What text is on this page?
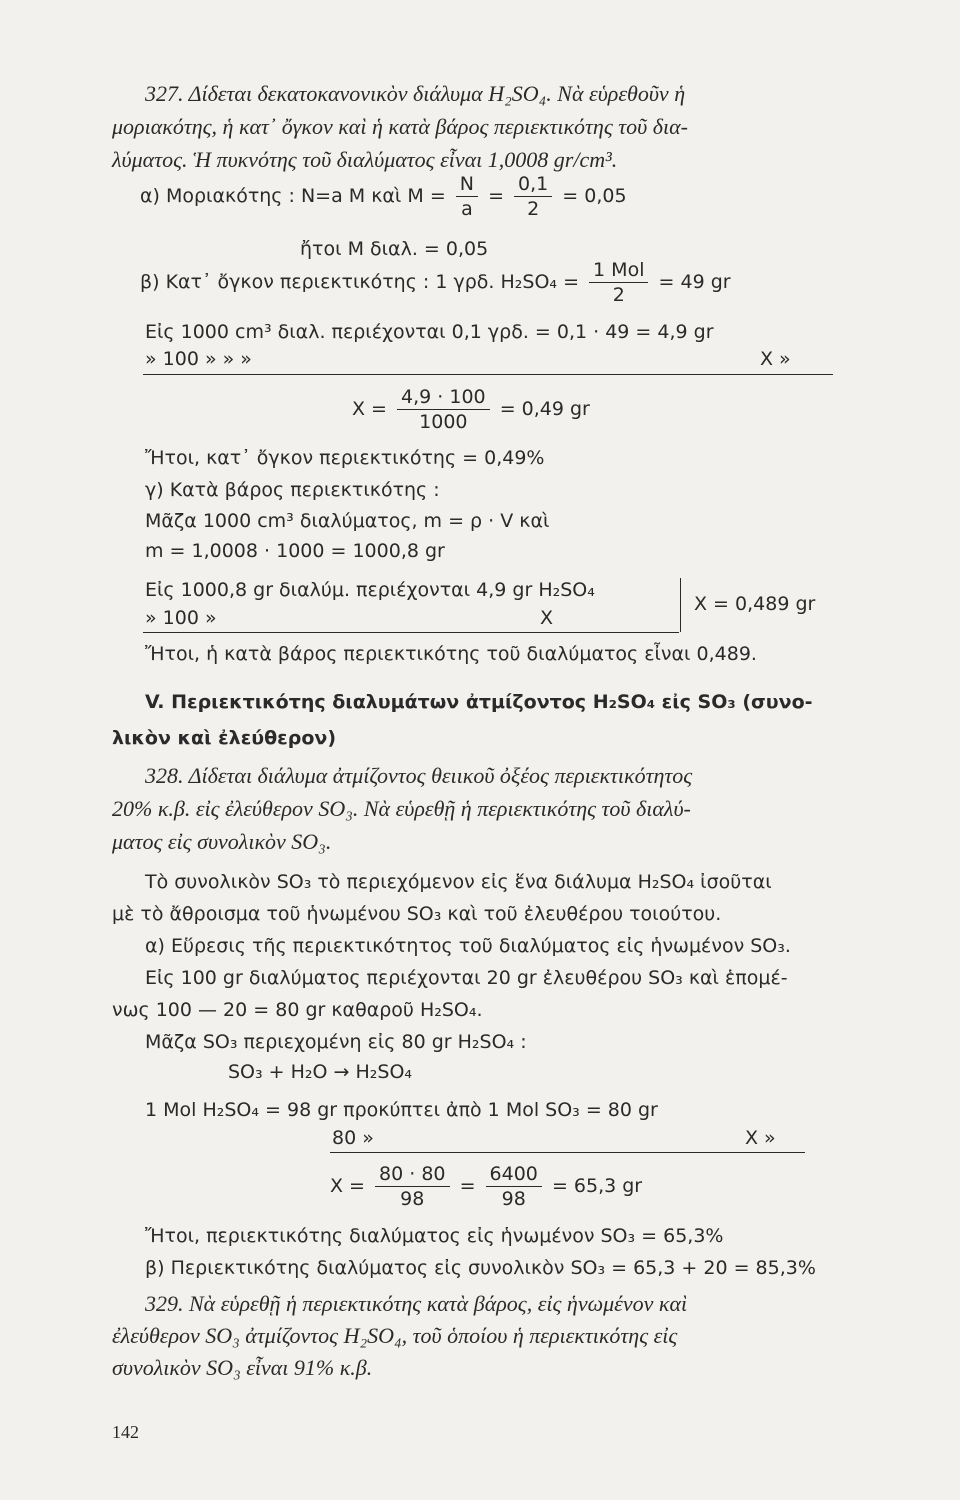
327. Δίδεται δεκατοκανονικὸν διάλυμα H₂SO₄. Νὰ εὑρεθοῦν ἡ
μοριακότης, ἡ κατ᾿ ὄγκον καὶ ἡ κατὰ βάρος περιεκτικότης τοῦ δια-
λύματος. Ἡ πυκνότης τοῦ διαλύματος εἶναι 1,0008 gr/cm³.
α) Μοριακότης : N=a M καὶ $M = \frac{N}{a} = \frac{0,1}{2} = 0,05$
ἤτοι M διαλ. = 0,05
β) Κατ᾿ ὄγκον περιεκτικότης : 1 γρδ. $H_2SO_4 = \frac{\text{1 Mol}}{2} = 49$ gr
Εἰς 1000 cm³ διαλ. περιέχονται 0,1 γρδ. = 0,1 · 49 = 4,9 gr
» 100 » » »	X »
$X = \frac{4,9 \cdot 100}{1000} = 0,49$ gr
Ἤτοι, κατ᾿ ὄγκον περιεκτικότης = 0,49%
γ) Κατὰ βάρος περιεκτικότης :
Μᾶζα 1000 cm³ διαλύματος, m = ρ · V καὶ
m = 1,0008 · 1000 = 1000,8 gr
Εἰς 1000,8 gr διαλύμ. περιέχονται 4,9 gr H₂SO₄
» 100 »	X
X = 0,489 gr
Ἤτοι, ἡ κατὰ βάρος περιεκτικότης τοῦ διαλύματος εἶναι 0,489.
V. Περιεκτικότης διαλυμάτων ἀτμίζοντος H₂SO₄ εἰς SO₃ (συνο-
λικὸν καὶ ἐλεύθερον)
328. Δίδεται διάλυμα ἀτμίζοντος θειικοῦ ὀξέος περιεκτικότητος
20% κ.β. εἰς ἐλεύθερον SO₃. Νὰ εὑρεθῇ ἡ περιεκτικότης τοῦ διαλύ-
ματος εἰς συνολικὸν SO₃.
Τὸ συνολικὸν SO₃ τὸ περιεχόμενον εἰς ἕνα διάλυμα H₂SO₄ ἰσοῦται
μὲ τὸ ἄθροισμα τοῦ ἡνωμένου SO₃ καὶ τοῦ ἐλευθέρου τοιούτου.
α) Εὕρεσις τῆς περιεκτικότητος τοῦ διαλύματος εἰς ἡνωμένον SO₃.
Εἰς 100 gr διαλύματος περιέχονται 20 gr ἐλευθέρου SO₃ καὶ ἑπομέ-
νως 100 — 20 = 80 gr καθαροῦ H₂SO₄.
Μᾶζα SO₃ περιεχομένη εἰς 80 gr H₂SO₄ :
SO₃ + H₂O → H₂SO₄
1 Mol H₂SO₄ = 98 gr προκύπτει ἀπὸ 1 Mol SO₃ = 80 gr
80 »	X »
$X = \frac{80 \cdot 80}{98} = \frac{6400}{98} = 65,3$ gr
Ἤτοι, περιεκτικότης διαλύματος εἰς ἡνωμένον SO₃ = 65,3%
β) Περιεκτικότης διαλύματος εἰς συνολικὸν SO₃ = 65,3 + 20 = 85,3%
329. Νὰ εὑρεθῇ ἡ περιεκτικότης κατὰ βάρος, εἰς ἡνωμένον καὶ
ἐλεύθερον SO₃ ἀτμίζοντος H₂SO₄, τοῦ ὁποίου ἡ περιεκτικότης εἰς
συνολικὸν SO₃ εἶναι 91% κ.β.
142
